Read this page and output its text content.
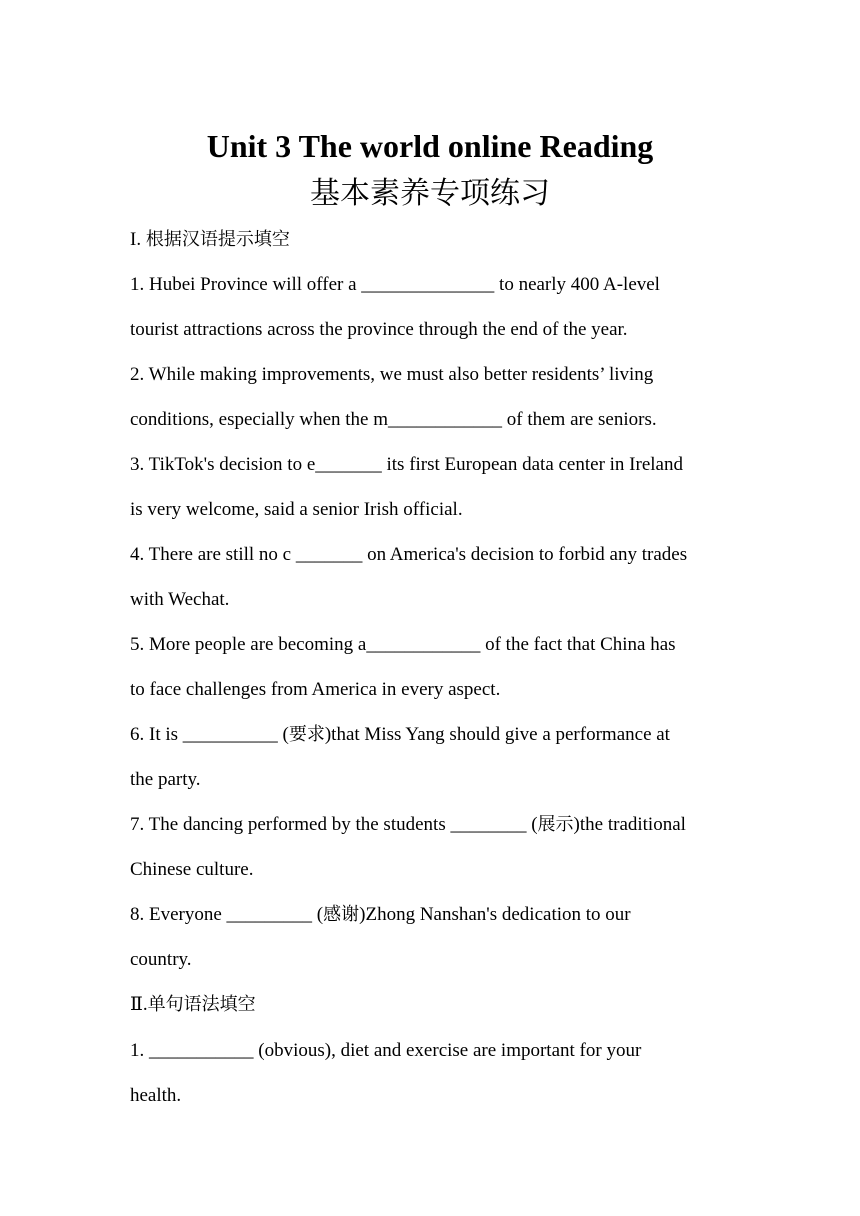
Unit 3 The world online Reading
基本素养专项练习
I. 根据汉语提示填空
1. Hubei Province will offer a ______________ to nearly 400 A-level
tourist attractions across the province through the end of the year.
2. While making improvements, we must also better residents’ living
conditions, especially when the m____________ of them are seniors.
3. TikTok's decision to e_______ its first European data center in Ireland
is very welcome, said a senior Irish official.
4. There are still no c _______ on America's decision to forbid any trades
with Wechat.
5. More people are becoming a____________ of the fact that China has
to face challenges from America in every aspect.
6. It is __________ (要求)that Miss Yang should give a performance at
the party.
7. The dancing performed by the students ________ (展示)the traditional
Chinese culture.
8. Everyone _________ (感谢)Zhong Nanshan's dedication to our
country.
Ⅱ.单句语法填空
1. ___________ (obvious), diet and exercise are important for your
health.
